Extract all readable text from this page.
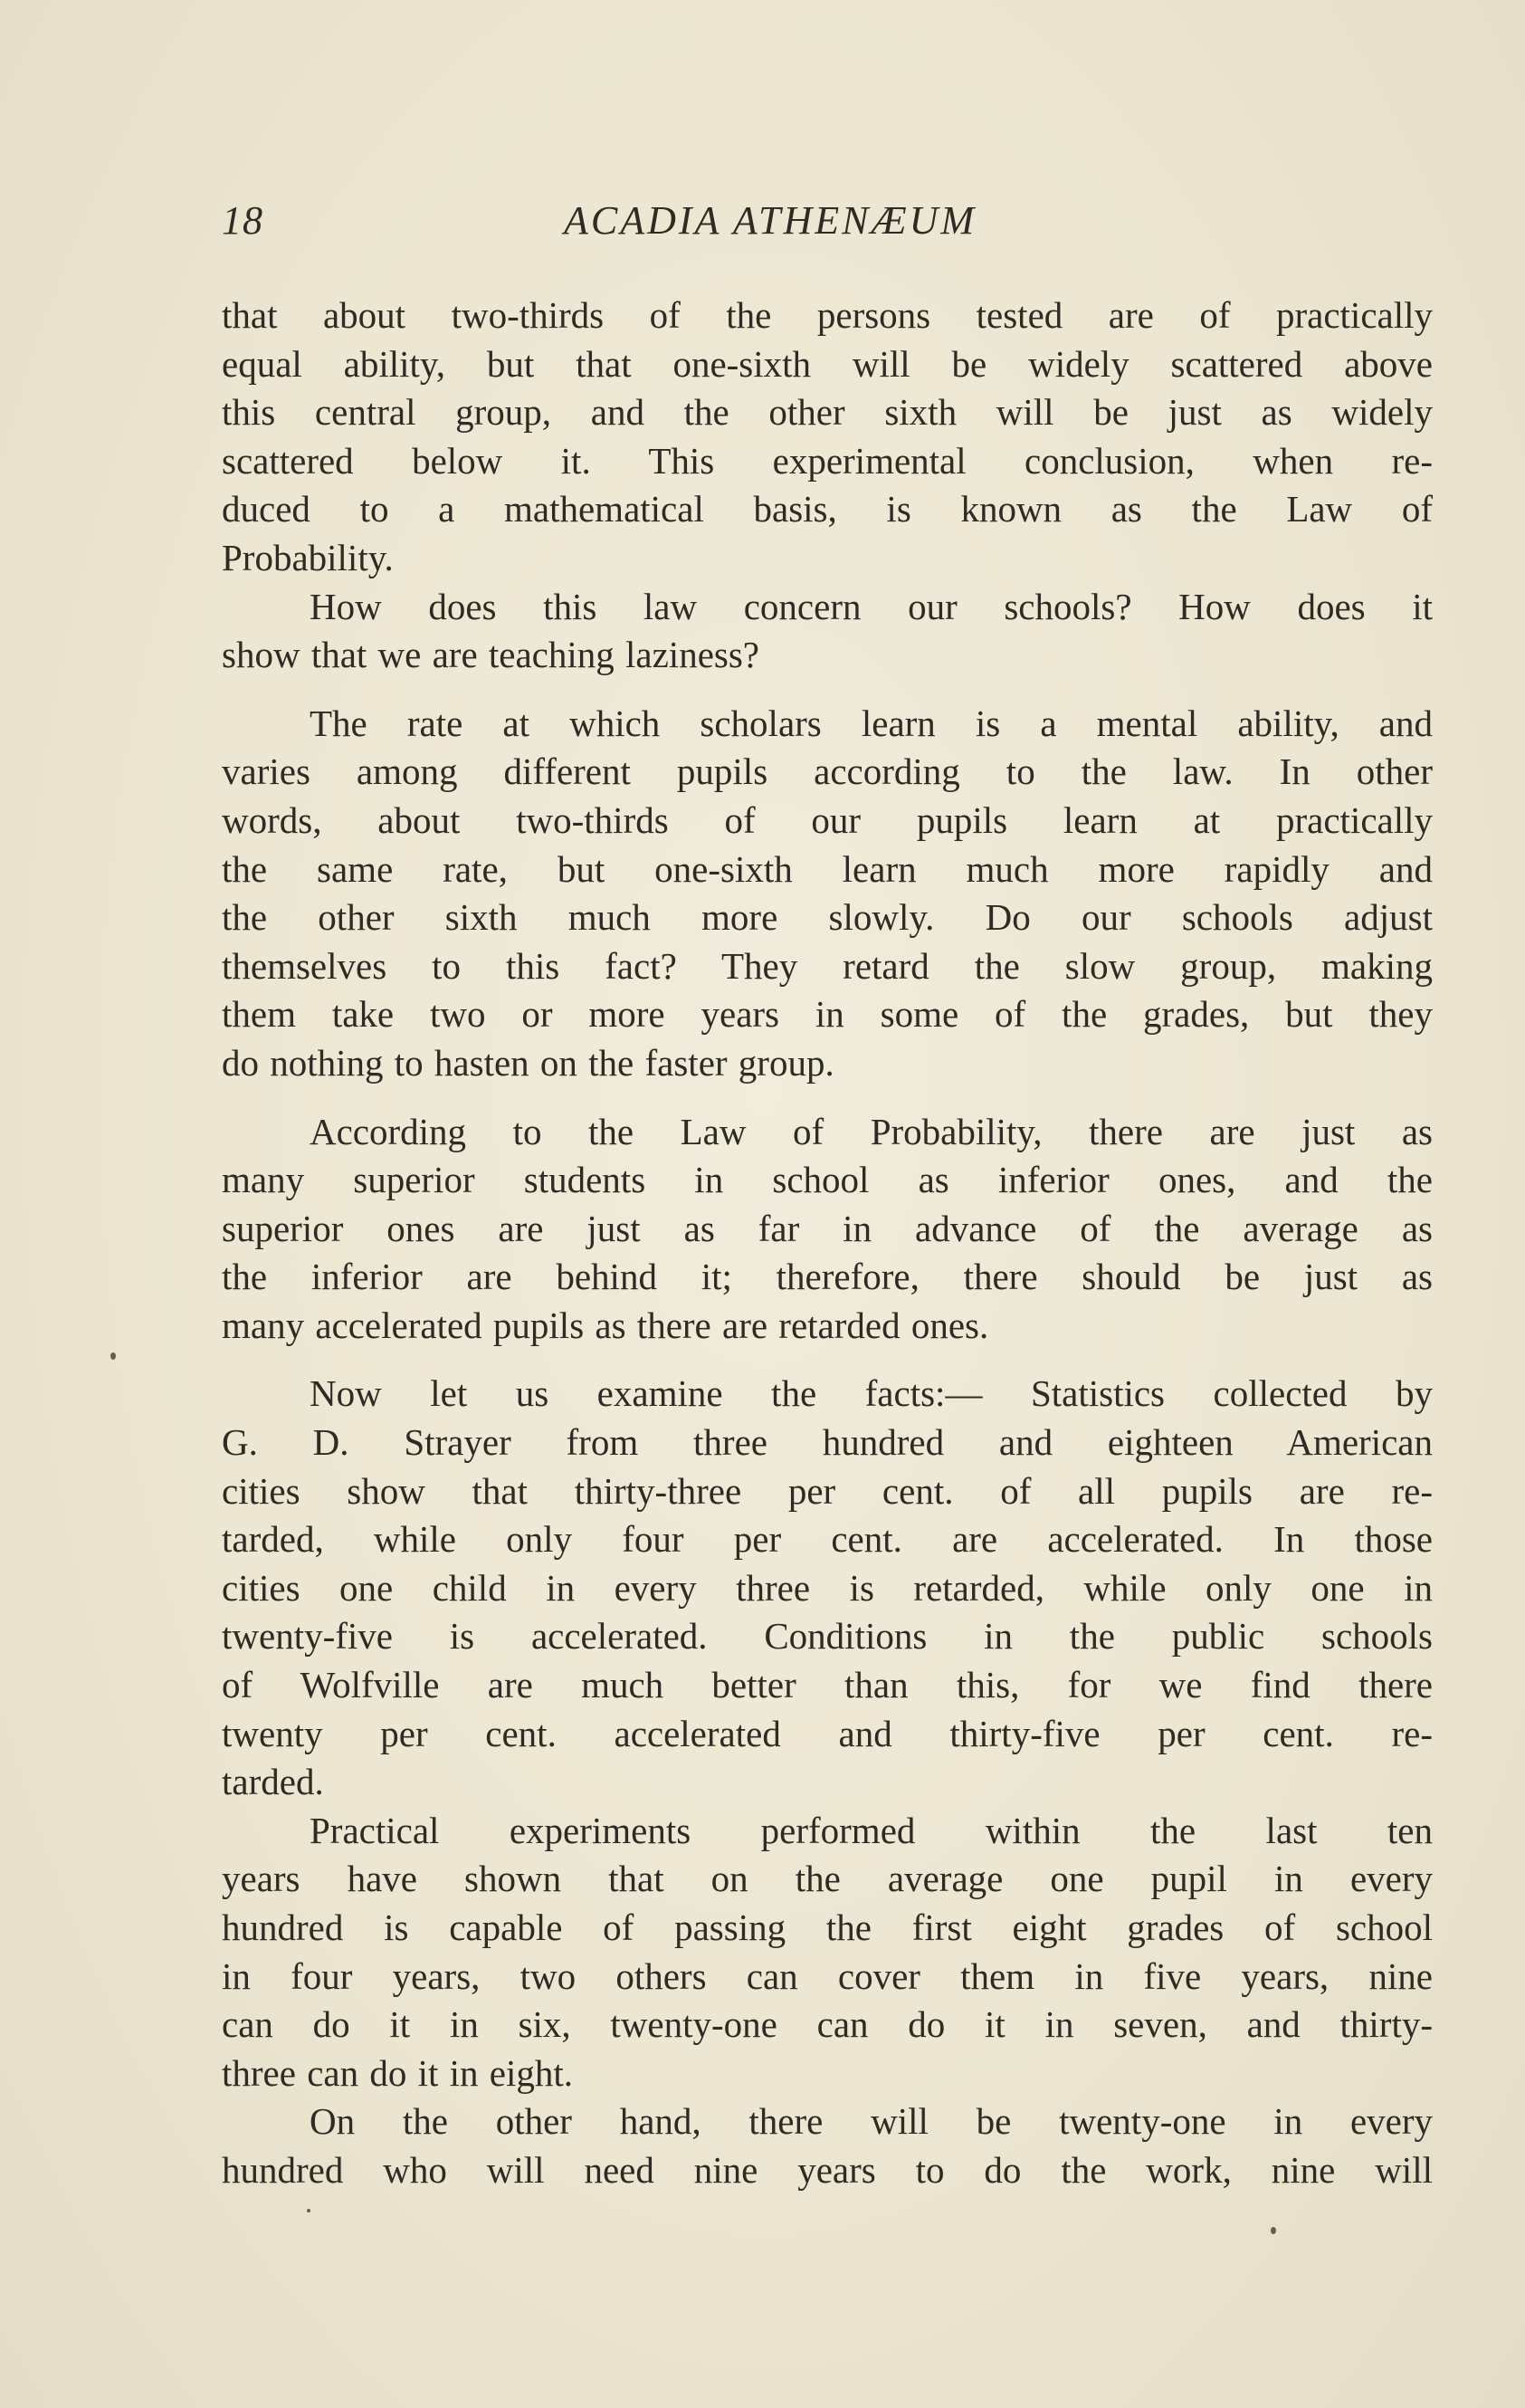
18	ACADIA ATHENÆUM
that about two-thirds of the persons tested are of practically
equal ability, but that one-sixth will be widely scattered above
this central group, and the other sixth will be just as widely
scattered below it. This experimental conclusion, when re-
duced to a mathematical basis, is known as the Law of
Probability.
How does this law concern our schools? How does it
show that we are teaching laziness?
The rate at which scholars learn is a mental ability, and
varies among different pupils according to the law. In other
words, about two-thirds of our pupils learn at practically
the same rate, but one-sixth learn much more rapidly and
the other sixth much more slowly. Do our schools adjust
themselves to this fact? They retard the slow group, making
them take two or more years in some of the grades, but they
do nothing to hasten on the faster group.
According to the Law of Probability, there are just as
many superior students in school as inferior ones, and the
superior ones are just as far in advance of the average as
the inferior are behind it; therefore, there should be just as
many accelerated pupils as there are retarded ones.
Now let us examine the facts:— Statistics collected by
G. D. Strayer from three hundred and eighteen American
cities show that thirty-three per cent. of all pupils are re-
tarded, while only four per cent. are accelerated. In those
cities one child in every three is retarded, while only one in
twenty-five is accelerated. Conditions in the public schools
of Wolfville are much better than this, for we find there
twenty per cent. accelerated and thirty-five per cent. re-
tarded.
Practical experiments performed within the last ten
years have shown that on the average one pupil in every
hundred is capable of passing the first eight grades of school
in four years, two others can cover them in five years, nine
can do it in six, twenty-one can do it in seven, and thirty-
three can do it in eight.
On the other hand, there will be twenty-one in every
hundred who will need nine years to do the work, nine will
